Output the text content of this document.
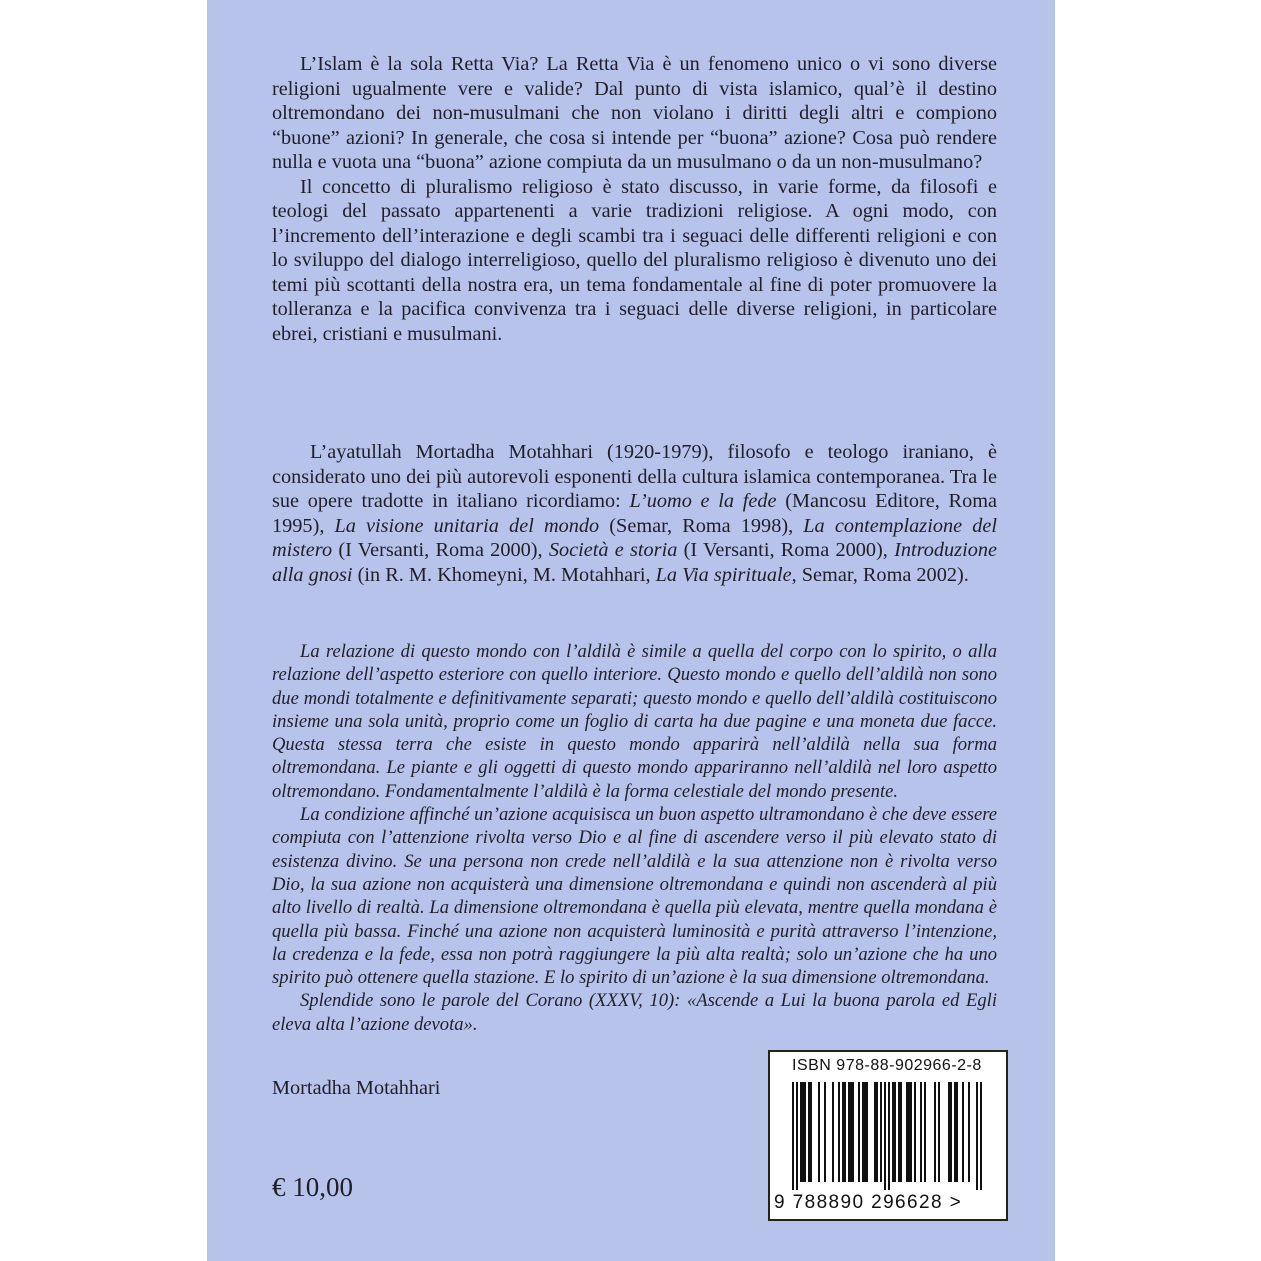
L’Islam è la sola Retta Via? La Retta Via è un fenomeno unico o vi sono diverse religioni ugualmente vere e valide? Dal punto di vista islamico, qual’è il destino oltremondano dei non-musulmani che non violano i diritti degli altri e compiono “buone” azioni? In generale, che cosa si intende per “buona” azione? Cosa può rendere nulla e vuota una “buona” azione compiuta da un musulmano o da un non-musulmano?

Il concetto di pluralismo religioso è stato discusso, in varie forme, da filosofi e teologi del passato appartenenti a varie tradizioni religiose. A ogni modo, con l’incremento dell’interazione e degli scambi tra i seguaci delle differenti religioni e con lo sviluppo del dialogo interreligioso, quello del pluralismo religioso è divenuto uno dei temi più scottanti della nostra era, un tema fondamentale al fine di poter promuovere la tolleranza e la pacifica convivenza tra i seguaci delle diverse religioni, in particolare ebrei, cristiani e musulmani.

L’ayatullah Mortadha Motahhari (1920-1979), filosofo e teologo iraniano, è considerato uno dei più autorevoli esponenti della cultura islamica contemporanea. Tra le sue opere tradotte in italiano ricordiamo: L’uomo e la fede (Mancosu Editore, Roma 1995), La visione unitaria del mondo (Semar, Roma 1998), La contemplazione del mistero (I Versanti, Roma 2000), Società e storia (I Versanti, Roma 2000), Introduzione alla gnosi (in R. M. Khomeyni, M. Motahhari, La Via spirituale, Semar, Roma 2002).

La relazione di questo mondo con l’aldilà è simile a quella del corpo con lo spirito, o alla relazione dell’aspetto esteriore con quello interiore. Questo mondo e quello dell’aldilà non sono due mondi totalmente e definitivamente separati; questo mondo e quello dell’aldilà costituiscono insieme una sola unità, proprio come un foglio di carta ha due pagine e una moneta due facce. Questa stessa terra che esiste in questo mondo apparirà nell’aldilà nella sua forma oltremondana. Le piante e gli oggetti di questo mondo appariranno nell’aldilà nel loro aspetto oltremondano. Fondamentalmente l’aldilà è la forma celestiale del mondo presente.

La condizione affinché un’azione acquisisca un buon aspetto ultramondano è che deve essere compiuta con l’attenzione rivolta verso Dio e al fine di ascendere verso il più elevato stato di esistenza divino. Se una persona non crede nell’aldilà e la sua attenzione non è rivolta verso Dio, la sua azione non acquisterà una dimensione oltremondana e quindi non ascenderà al più alto livello di realtà. La dimensione oltremondana è quella più elevata, mentre quella mondana è quella più bassa. Finché una azione non acquisterà luminosità e purità attraverso l’intenzione, la credenza e la fede, essa non potrà raggiungere la più alta realtà; solo un’azione che ha uno spirito può ottenere quella stazione. E lo spirito di un’azione è la sua dimensione oltremondana.

Splendide sono le parole del Corano (XXXV, 10): «Ascende a Lui la buona parola ed Egli eleva alta l’azione devota».

Mortadha Motahhari
€ 10,00
ISBN 978-88-902966-2-8
9 788890 296628 >
